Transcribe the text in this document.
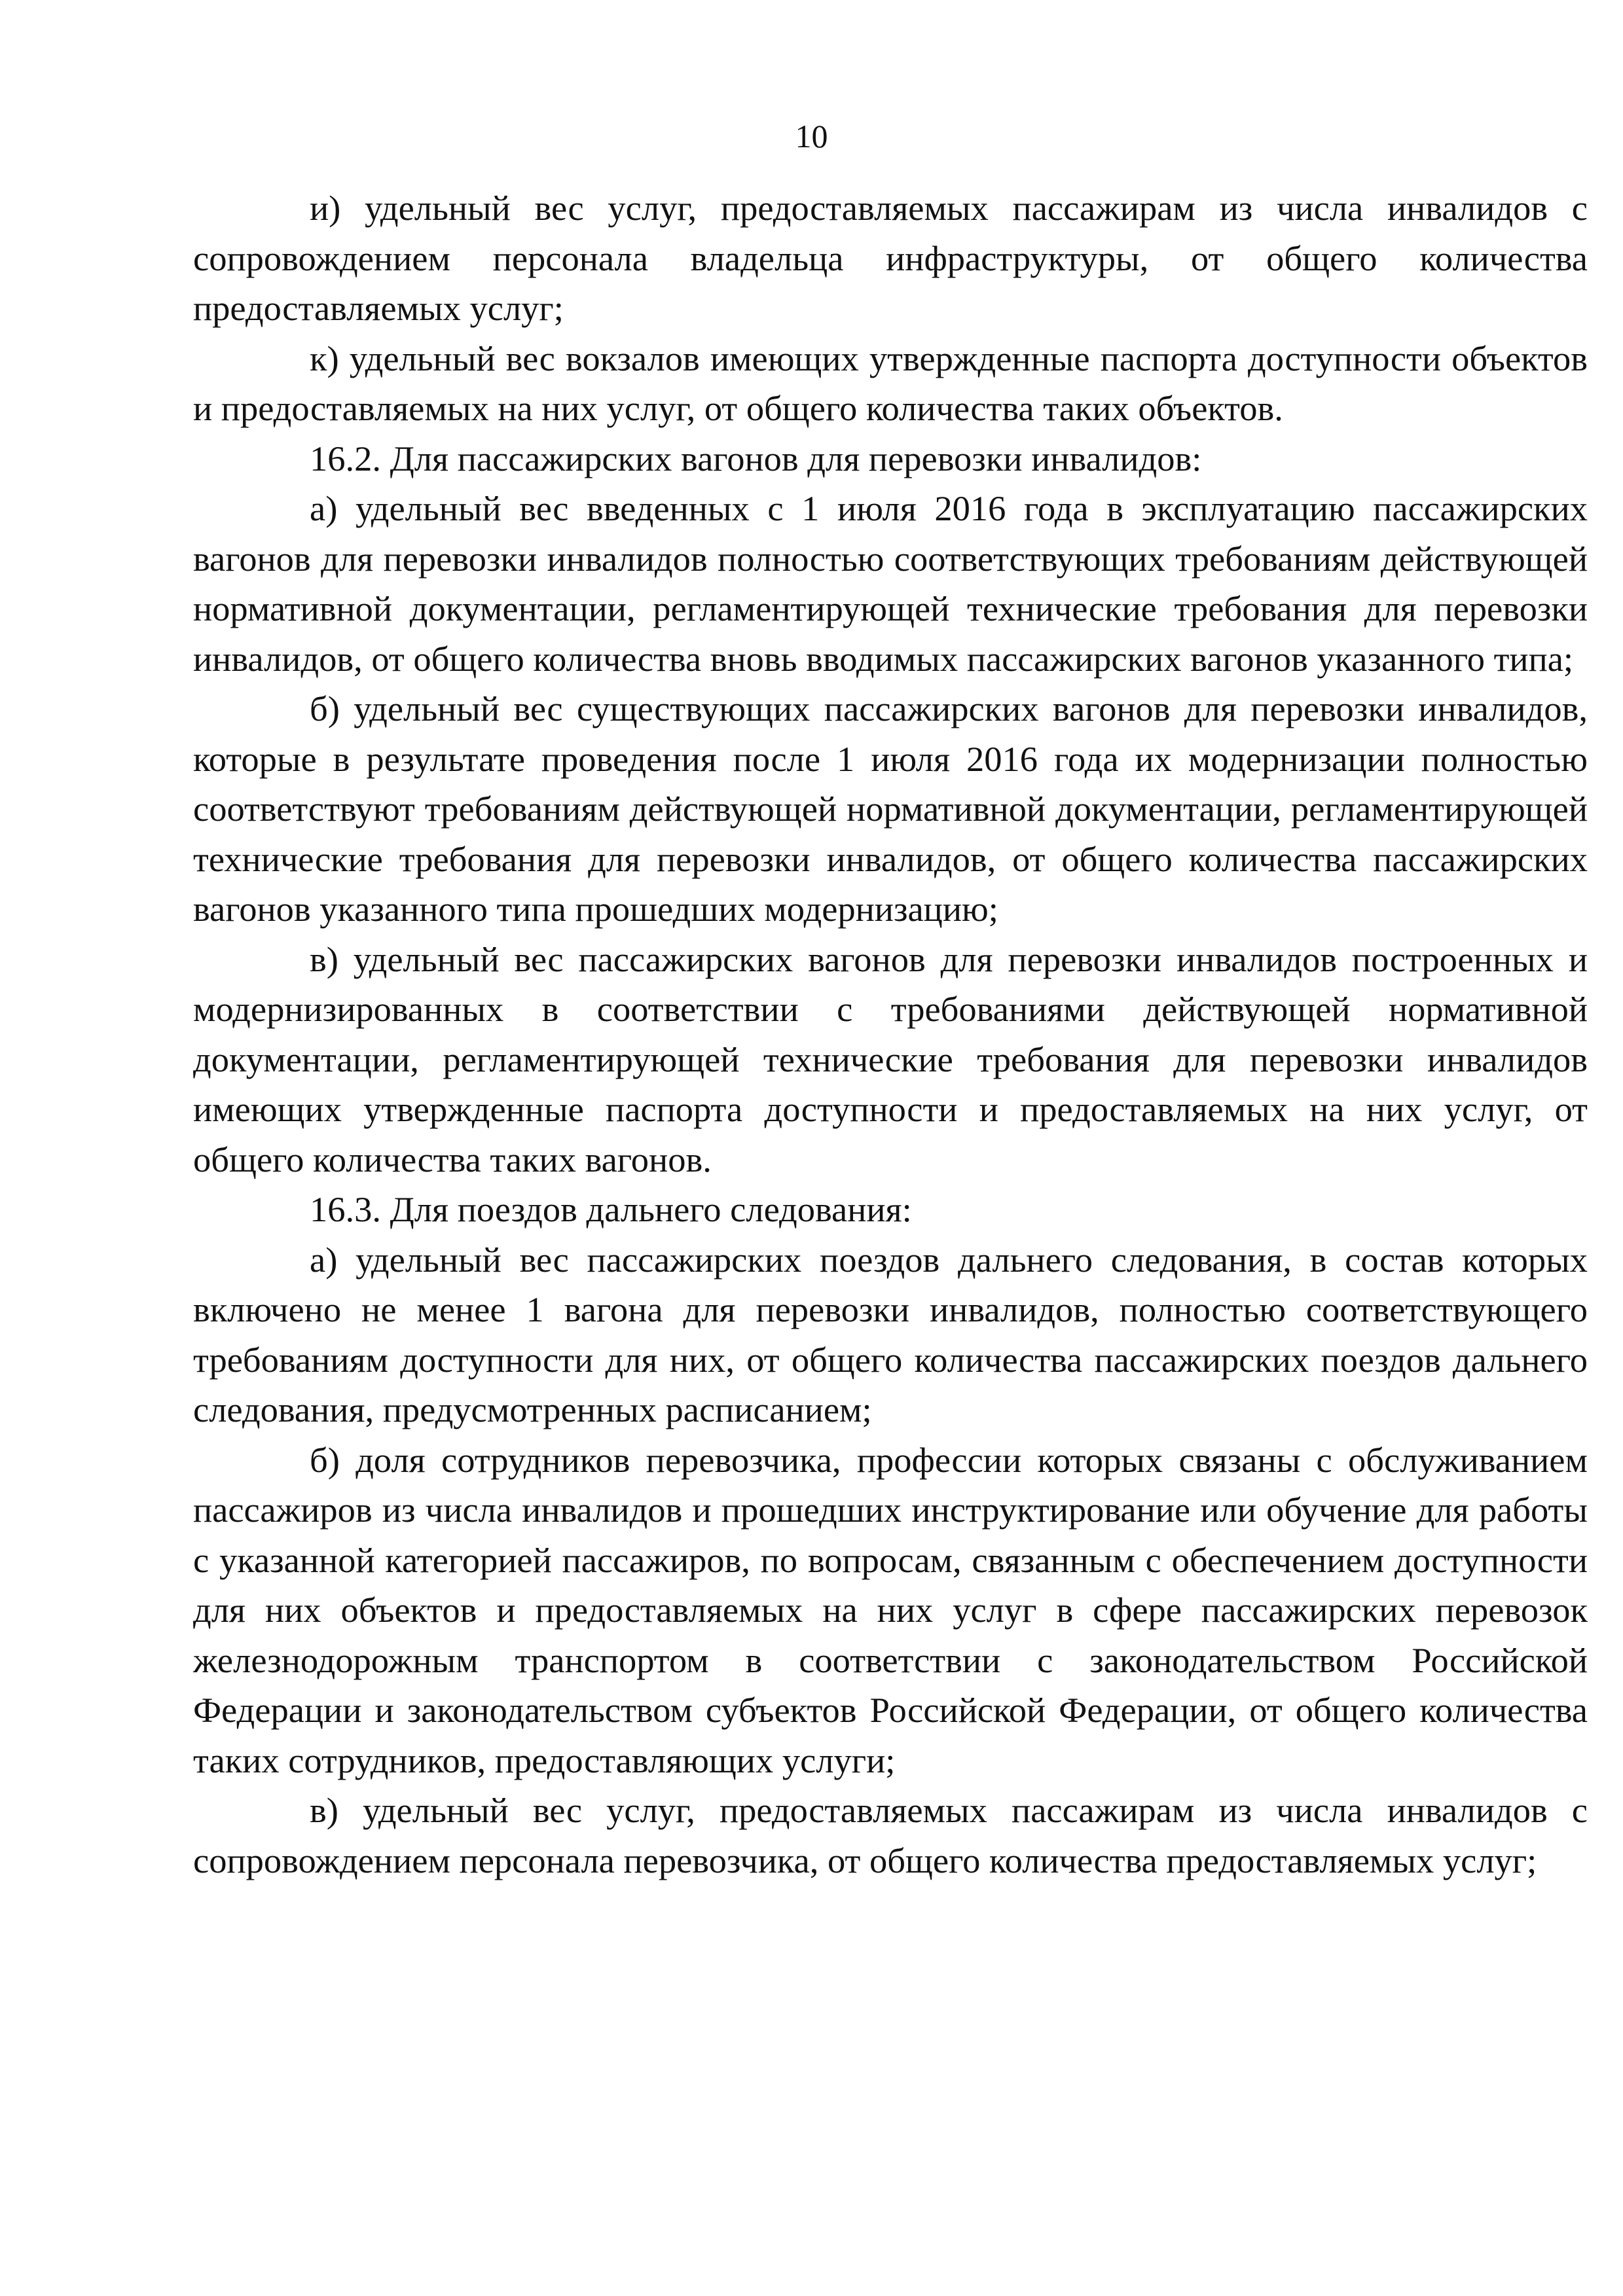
10

и) удельный вес услуг, предоставляемых пассажирам из числа инвалидов с сопровождением персонала владельца инфраструктуры, от общего количества предоставляемых услуг;

к) удельный вес вокзалов имеющих утвержденные паспорта доступности объектов и предоставляемых на них услуг, от общего количества таких объектов.

16.2. Для пассажирских вагонов для перевозки инвалидов:

а) удельный вес введенных с 1 июля 2016 года в эксплуатацию пассажирских вагонов для перевозки инвалидов полностью соответствующих требованиям действующей нормативной документации, регламентирующей технические требования для перевозки инвалидов, от общего количества вновь вводимых пассажирских вагонов указанного типа;

б) удельный вес существующих пассажирских вагонов для перевозки инвалидов, которые в результате проведения после 1 июля 2016 года их модернизации полностью соответствуют требованиям действующей нормативной документации, регламентирующей технические требования для перевозки инвалидов, от общего количества пассажирских вагонов указанного типа прошедших модернизацию;

в) удельный вес пассажирских вагонов для перевозки инвалидов построенных и модернизированных в соответствии с требованиями действующей нормативной документации, регламентирующей технические требования для перевозки инвалидов имеющих утвержденные паспорта доступности и предоставляемых на них услуг, от общего количества таких вагонов.

16.3. Для поездов дальнего следования:

а) удельный вес пассажирских поездов дальнего следования, в состав которых включено не менее 1 вагона для перевозки инвалидов, полностью соответствующего требованиям доступности для них, от общего количества пассажирских поездов дальнего следования, предусмотренных расписанием;

б) доля сотрудников перевозчика, профессии которых связаны с обслуживанием пассажиров из числа инвалидов и прошедших инструктирование или обучение для работы с указанной категорией пассажиров, по вопросам, связанным с обеспечением доступности для них объектов и предоставляемых на них услуг в сфере пассажирских перевозок железнодорожным транспортом в соответствии с законодательством Российской Федерации и законодательством субъектов Российской Федерации, от общего количества таких сотрудников, предоставляющих услуги;

в) удельный вес услуг, предоставляемых пассажирам из числа инвалидов с сопровождением персонала перевозчика, от общего количества предоставляемых услуг;
